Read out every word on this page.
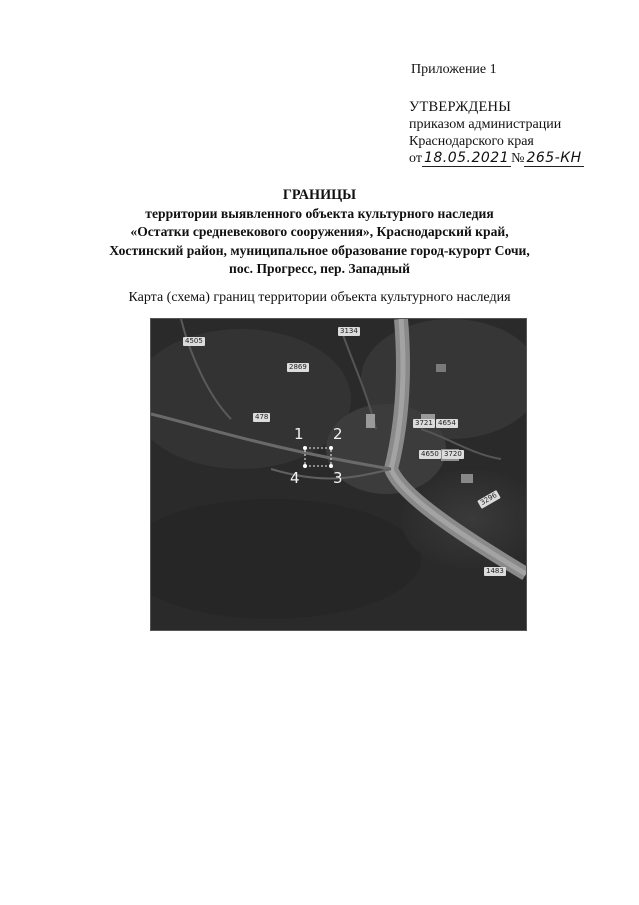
Приложение 1
УТВЕРЖДЕНЫ
приказом администрации
Краснодарского края
от 18.05.2021 № 265-КН
ГРАНИЦЫ
территории выявленного объекта культурного наследия
«Остатки средневекового сооружения», Краснодарский край,
Хостинский район, муниципальное образование город-курорт Сочи,
пос. Прогресс, пер. Западный
Карта (схема) границ территории объекта культурного наследия
1 2
3
4
4505
3134
2869
478
3721 4654
4650 3720
3296
1483
